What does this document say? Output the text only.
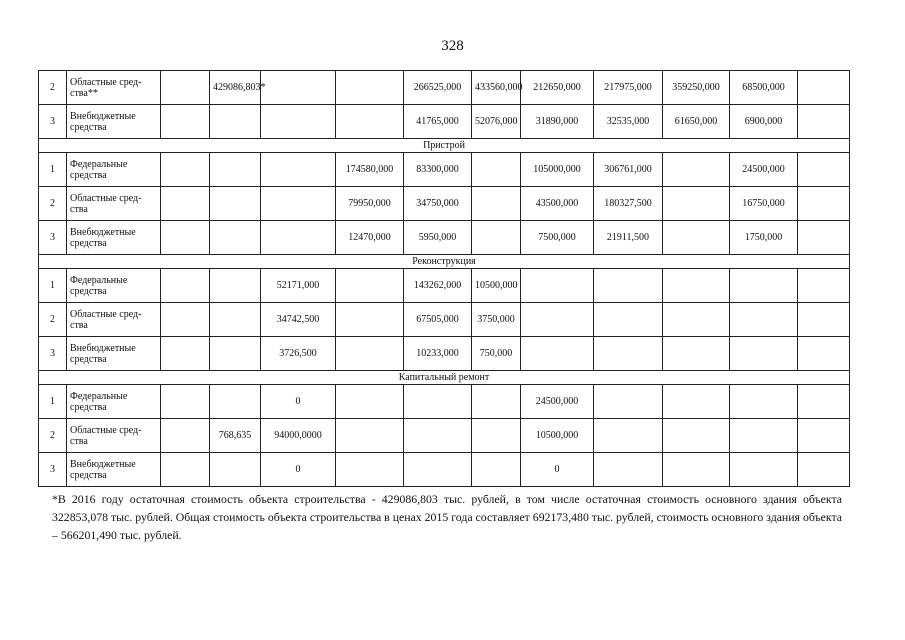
328
2	Областные сред-ства**		429086,803*			266525,000	433560,000	212650,000	217975,000	359250,000	68500,000	
3	Внебюджетные средства					41765,000	52076,000	31890,000	32535,000	61650,000	6900,000	
Пристрой												
1	Федеральные средства				174580,000	83300,000		105000,000	306761,000		24500,000	
2	Областные сред-ства				79950,000	34750,000		43500,000	180327,500		16750,000	
3	Внебюджетные средства				12470,000	5950,000		7500,000	21911,500		1750,000	
Реконструкция												
1	Федеральные средства			52171,000		143262,000	10500,000					
2	Областные сред-ства			34742,500		67505,000	3750,000					
3	Внебюджетные средства			3726,500		10233,000	750,000					
Капитальный ремонт												
1	Федеральные средства			0				24500,000				
2	Областные сред-ства		768,635	94000,0000				10500,000				
3	Внебюджетные средства			0				0				
*В 2016 году остаточная стоимость объекта строительства - 429086,803 тыс. рублей, в том числе остаточная стоимость основного здания объекта 322853,078 тыс. рублей. Общая стоимость объекта строительства в ценах 2015 года составляет 692173,480 тыс. рублей, стоимость основного здания объекта – 566201,490 тыс. рублей.
